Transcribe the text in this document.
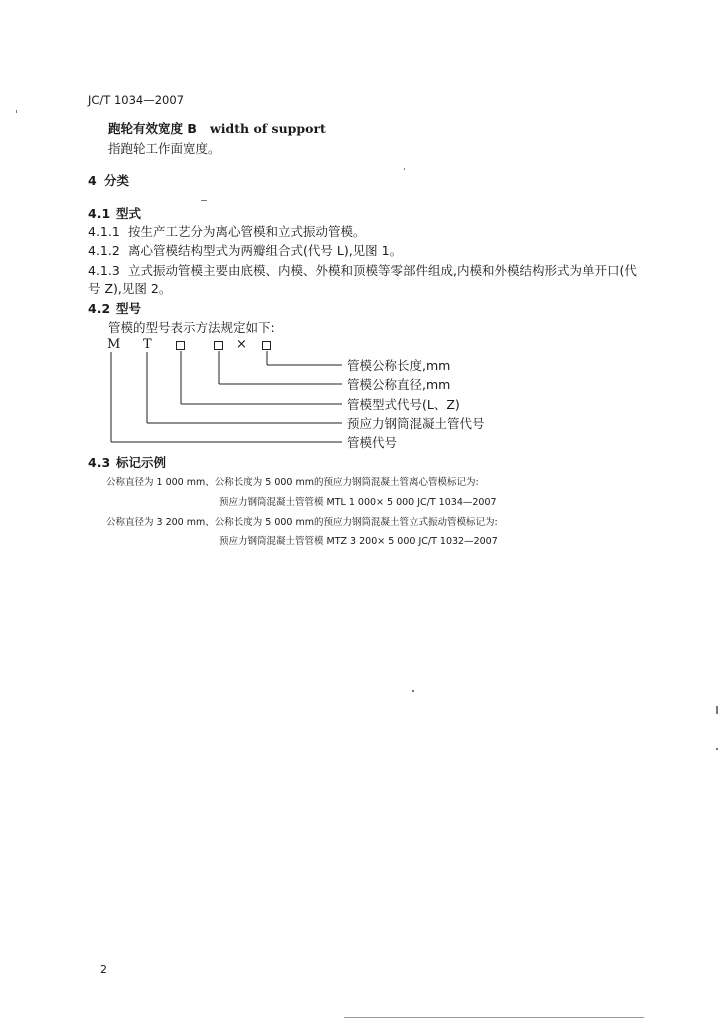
JC/T 1034—2007
跑轮有效宽度 B width of support
指跑轮工作面宽度。
4 分类
4.1 型式
4.1.1 按生产工艺分为离心管模和立式振动管模。
4.1.2 离心管模结构型式为两瓣组合式(代号 L),见图 1。
4.1.3 立式振动管模主要由底模、内模、外模和顶模等零部件组成,内模和外模结构形式为单开口(代
号 Z),见图 2。
4.2 型号
管模的型号表示方法规定如下:
M T	×
管模公称长度,mm
管模公称直径,mm
管模型式代号(L、Z)
预应力钢筒混凝土管代号
管模代号
4.3 标记示例
公称直径为 1 000 mm、公称长度为 5 000 mm的预应力钢筒混凝土管离心管模标记为:
预应力钢筒混凝土管管模 MTL 1 000× 5 000 JC/T 1034—2007
公称直径为 3 200 mm、公称长度为 5 000 mm的预应力钢筒混凝土管立式振动管模标记为:
预应力钢筒混凝土管管模 MTZ 3 200× 5 000 JC/T 1032—2007
2
